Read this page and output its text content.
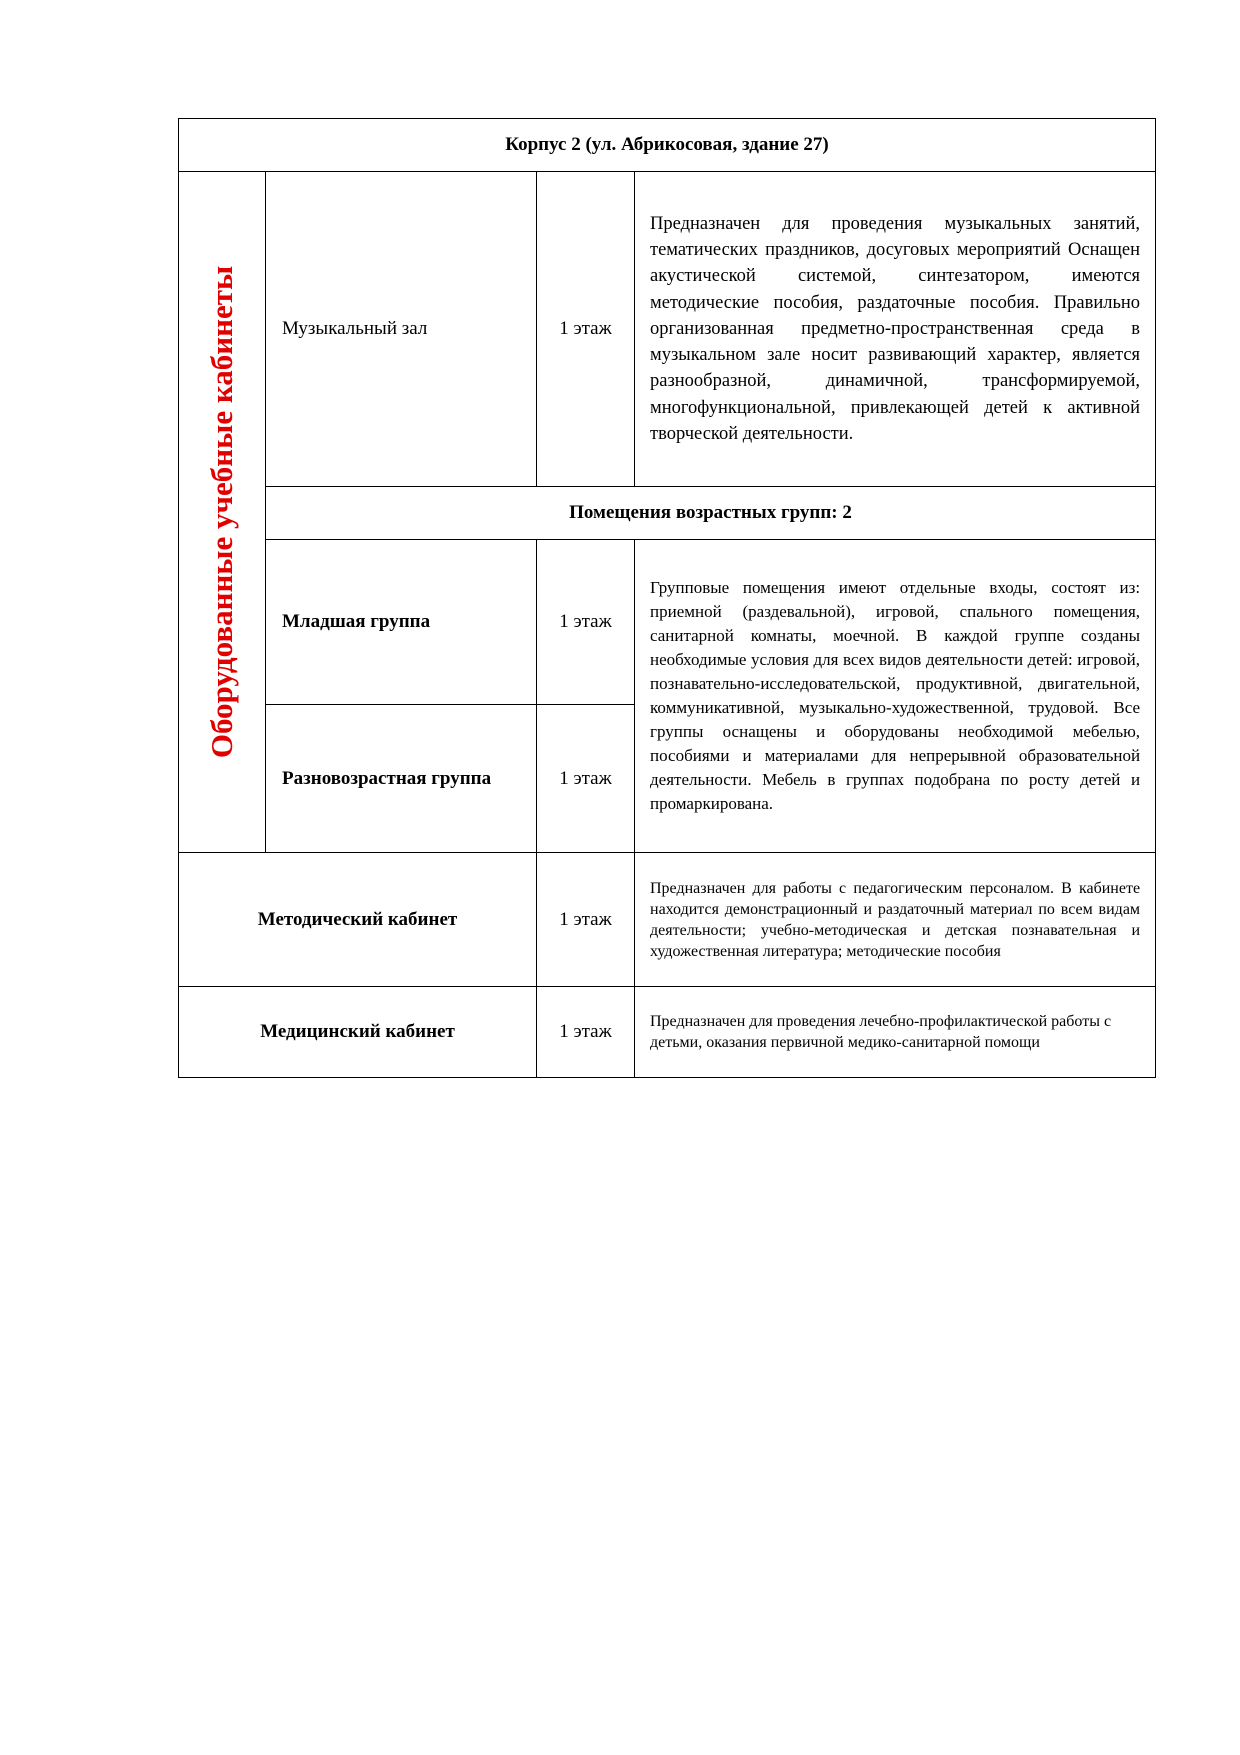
Корпус 2 (ул. Абрикосовая, здание 27)			

Оборудованные учебные кабинеты	Музыкальный зал	1 этаж	Предназначен для проведения музыкальных занятий, тематических праздников, досуговых мероприятий Оснащен акустической системой, синтезатором, имеются методические пособия, раздаточные пособия. Правильно организованная предметно-пространственная среда в музыкальном зале носит развивающий характер, является разнообразной, динамичной, трансформируемой, многофункциональной, привлекающей детей к активной творческой деятельности.
	Помещения возрастных групп: 2		
	Младшая группа	1 этаж	Групповые помещения имеют отдельные входы, состоят из: приемной (раздевальной), игровой, спального помещения, санитарной комнаты, моечной. В каждой группе созданы необходимые условия для всех видов деятельности детей: игровой, познавательно-исследовательской, продуктивной, двигательной, коммуникативной, музыкально-художественной, трудовой. Все группы оснащены и оборудованы необходимой мебелью, пособиями и материалами для непрерывной образовательной деятельности. Мебель в группах подобрана по росту детей и промаркирована.
	Разновозрастная группа	1 этаж	
Методический кабинет		1 этаж	Предназначен для работы с педагогическим персоналом. В кабинете находится демонстрационный и раздаточный материал по всем видам деятельности; учебно-методическая и детская познавательная и художественная литература; методические пособия
Медицинский кабинет		1 этаж	Предназначен для проведения лечебно-профилактической работы с детьми, оказания первичной медико-санитарной помощи
